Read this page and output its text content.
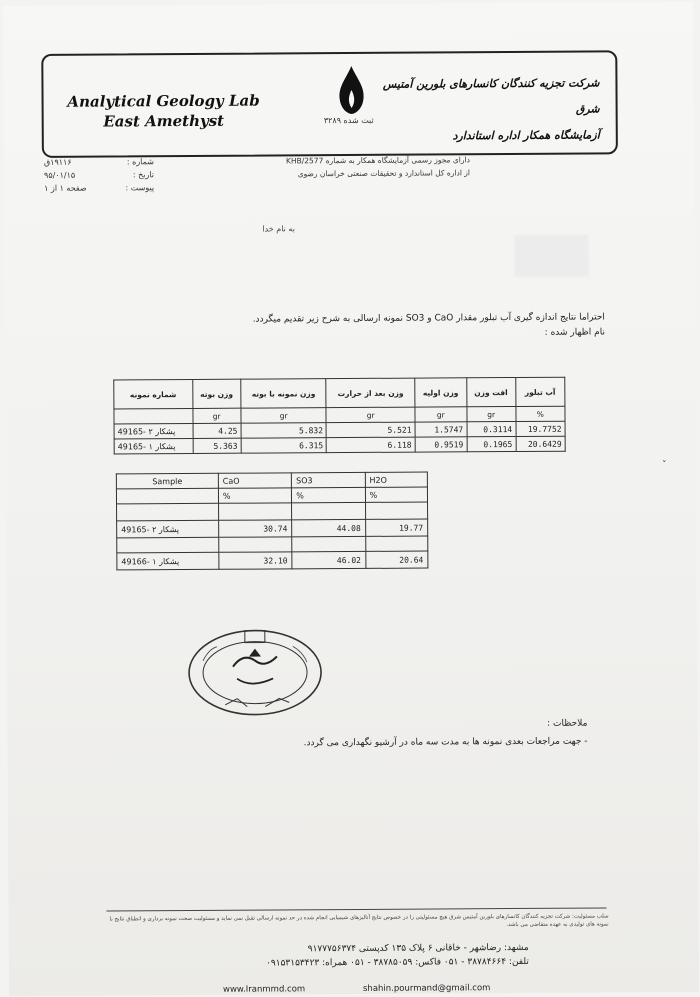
Analytical Geology Lab
East Amethyst	ثبت شده ۳۲۸۹
شرکت تجزیه کنندگان کانسارهای بلورین آمتیس شرق
آزمایشگاه همکار اداره استاندارد
شماره :
۱۹۱۱۶ق
تاریخ :
۹۵/۰۱/۱۵
پیوست :
صفحه ۱ از ۱
دارای مجوز رسمی آزمایشگاه همکار به شماره KHB/2577
از اداره کل استاندارد و تحقیقات صنعتی خراسان رضوی
به نام خدا
احتراما نتایج اندازه گیری آب تبلور مقدار CaO و SO3 نمونه ارسالی به شرح زیر تقدیم میگردد.
نام اظهار شده :
شماره نمونه	وزن بوته	وزن نمونه با بوته	وزن بعد از حرارت	وزن اولیه	افت وزن	آب تبلور
	gr	gr	gr	gr	gr	%
پشکار ۲ -49165	4.25	5.832	5.521	1.5747	0.3114	19.7752
پشکار ۱ -49165	5.363	6.315	6.118	0.9519	0.1965	20.6429
Sample	CaO	SO3	H2O
	%	%	%

پشکار ۲ -49165	30.74	44.08	19.77

پشکار ۱ -49166	32.10	46.02	20.64
ملاحظات :
- جهت مراجعات بعدی نمونه ها به مدت سه ماه در آرشیو نگهداری می گردد.
ˇ
سلب مسئولیت: شرکت تجزیه کنندگان کانسارهای بلورین آمتیس شرق هیچ مسئولیتی را در خصوص نتایج آنالیزهای شیمیایی انجام شده در حد نمونه ارسالی تقبل نمی نماید و مسئولیت صحت نمونه برداری و انطباق نتایج با نمونه های تولیدی به عهده متقاضی می باشد.
مشهد: رضاشهر - خاقانی ۶ پلاک ۱۳۵ کدپستی ۹۱۷۷۷۵۶۳۷۴
تلفن: ۳۸۷۸۴۶۶۴ - ۰۵۱ فاکس: ۳۸۷۸۵۰۵۹ - ۰۵۱ همراه: ۰۹۱۵۳۱۵۳۴۲۳
www.Iranmmd.com	shahin.pourmand@gmail.com
